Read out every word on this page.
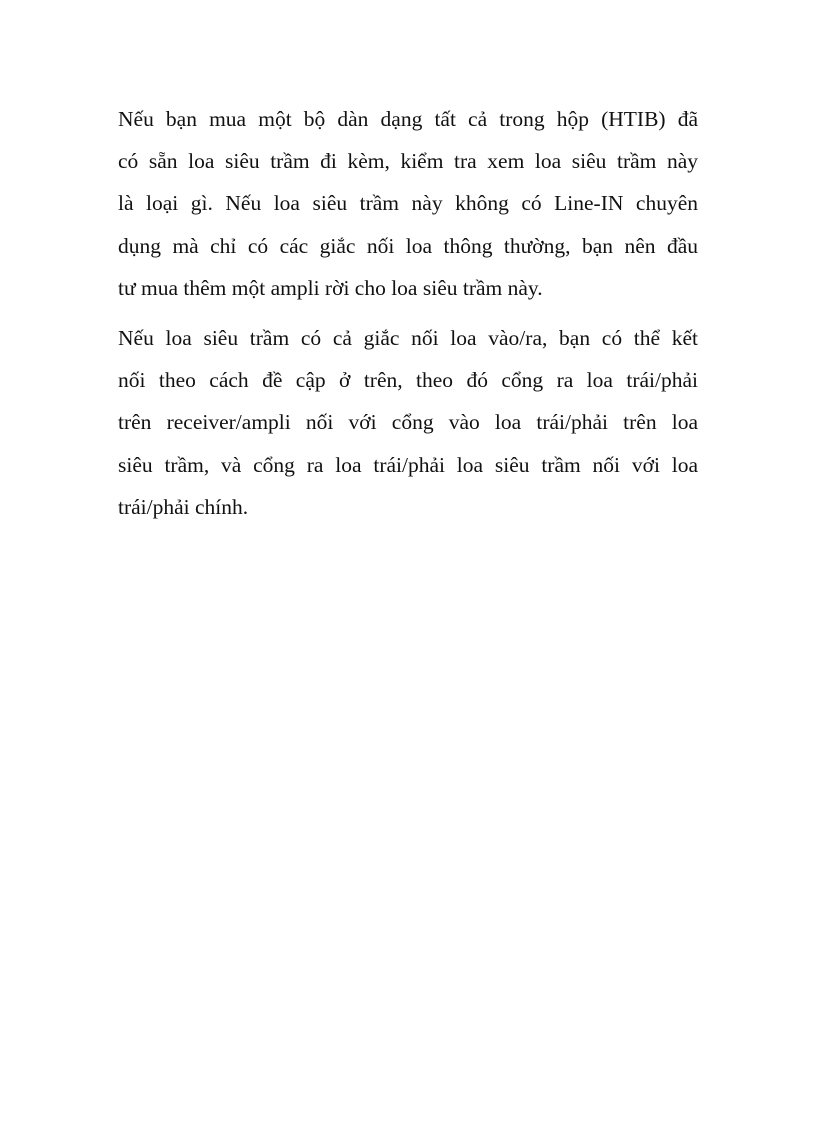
Nếu bạn mua một bộ dàn dạng tất cả trong hộp (HTIB) đã
có sẵn loa siêu trầm đi kèm, kiểm tra xem loa siêu trầm này
là loại gì. Nếu loa siêu trầm này không có Line-IN chuyên
dụng mà chỉ có các giắc nối loa thông thường, bạn nên đầu
tư mua thêm một ampli rời cho loa siêu trầm này.
Nếu loa siêu trầm có cả giắc nối loa vào/ra, bạn có thể kết
nối theo cách đề cập ở trên, theo đó cổng ra loa trái/phải
trên receiver/ampli nối với cổng vào loa trái/phải trên loa
siêu trầm, và cổng ra loa trái/phải loa siêu trầm nối với loa
trái/phải chính.
